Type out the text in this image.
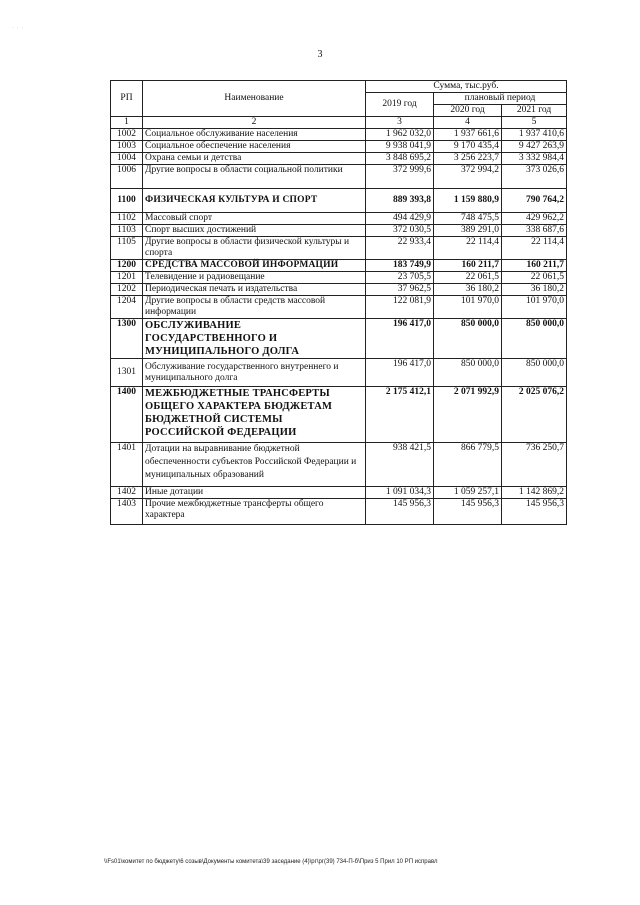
· · ·
3
РП	Наименование	Сумма, тыс.руб.		
		2019 год	плановый период	
			2020 год	2021 год
1	2	3	4	5
1002	Социальное обслуживание населения	1 962 032,0	1 937 661,6	1 937 410,6
1003	Социальное обеспечение населения	9 938 041,9	9 170 435,4	9 427 263,9
1004	Охрана семьи и детства	3 848 695,2	3 256 223,7	3 332 984,4
1006	Другие вопросы в области социальной политики	372 999,6	372 994,2	373 026,6
1100	ФИЗИЧЕСКАЯ КУЛЬТУРА И СПОРТ	889 393,8	1 159 880,9	790 764,2
1102	Массовый спорт	494 429,9	748 475,5	429 962,2
1103	Спорт высших достижений	372 030,5	389 291,0	338 687,6
1105	Другие вопросы в области физической культуры и спорта	22 933,4	22 114,4	22 114,4
1200	СРЕДСТВА МАССОВОЙ ИНФОРМАЦИИ	183 749,9	160 211,7	160 211,7
1201	Телевидение и радиовещание	23 705,5	22 061,5	22 061,5
1202	Периодическая печать и издательства	37 962,5	36 180,2	36 180,2
1204	Другие вопросы в области средств массовой информации	122 081,9	101 970,0	101 970,0
1300	ОБСЛУЖИВАНИЕ ГОСУДАРСТВЕННОГО И МУНИЦИПАЛЬНОГО ДОЛГА	196 417,0	850 000,0	850 000,0
1301	Обслуживание государственного внутреннего и муниципального долга	196 417,0	850 000,0	850 000,0
1400	МЕЖБЮДЖЕТНЫЕ ТРАНСФЕРТЫ ОБЩЕГО ХАРАКТЕРА БЮДЖЕТАМ БЮДЖЕТНОЙ СИСТЕМЫ РОССИЙСКОЙ ФЕДЕРАЦИИ	2 175 412,1	2 071 992,9	2 025 076,2
1401	Дотации на выравнивание бюджетной обеспеченности субъектов Российской Федерации и муниципальных образований	938 421,5	866 779,5	736 250,7
1402	Иные дотации	1 091 034,3	1 059 257,1	1 142 869,2
1403	Прочие межбюджетные трансферты общего характера	145 956,3	145 956,3	145 956,3
\\Fs01\комитет по бюджету\6 созыв\Документы комитета\39 заседание (4)\рг\рг(39) 734-П-б\Приз 5 Прил 10 РП исправл
